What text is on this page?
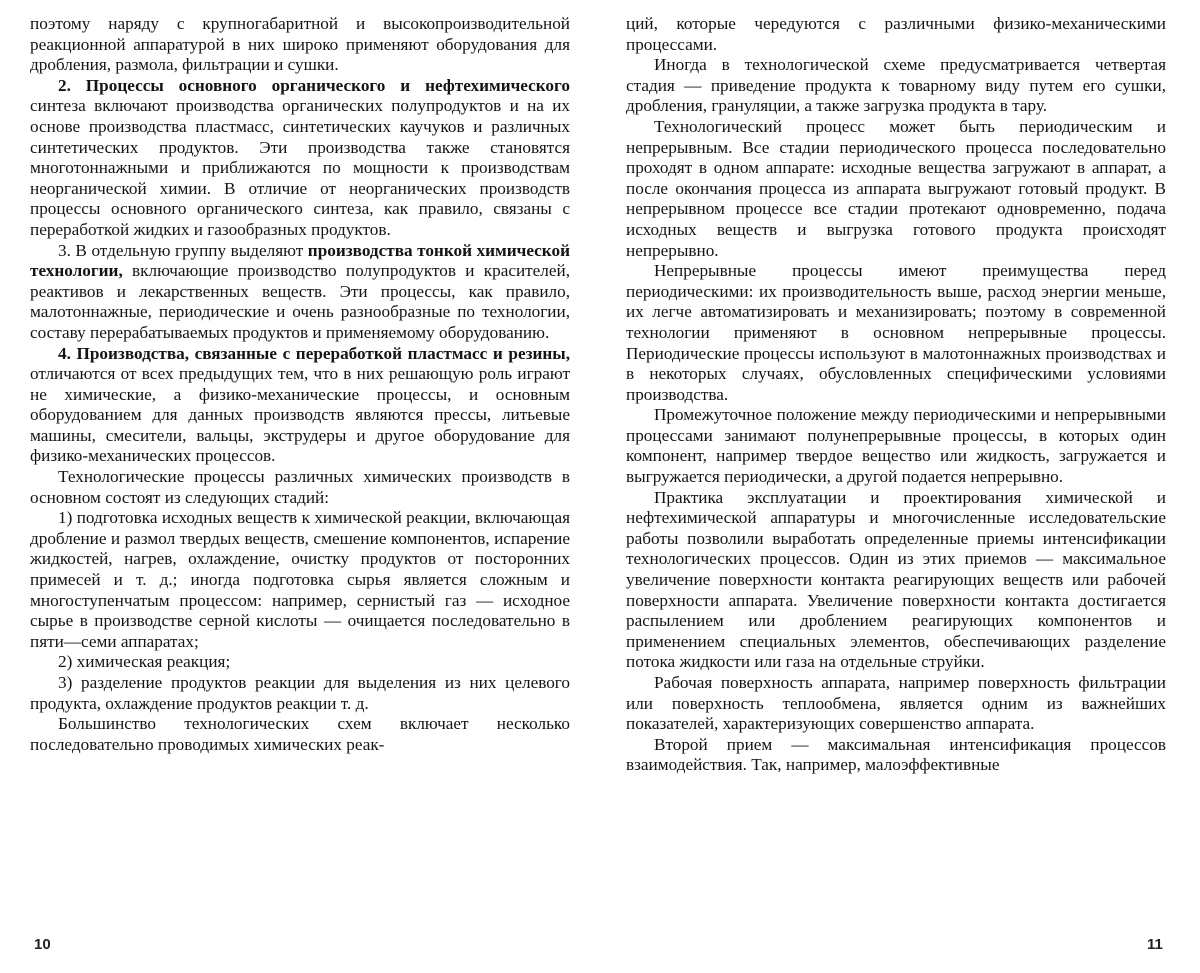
поэтому наряду с крупногабаритной и высокопроизводительной реакционной аппаратурой в них широко применяют оборудования для дробления, размола, фильтрации и сушки.

2. Процессы основного органического и нефтехимического синтеза включают производства органических полупродуктов и на их основе производства пластмасс, синтетических каучуков и различных синтетических продуктов. Эти производства также становятся многотоннажными и приближаются по мощности к производствам неорганической химии. В отличие от неорганических производств процессы основного органического синтеза, как правило, связаны с переработкой жидких и газообразных продуктов.

3. В отдельную группу выделяют производства тонкой химической технологии, включающие производство полупродуктов и красителей, реактивов и лекарственных веществ. Эти процессы, как правило, малотоннажные, периодические и очень разнообразные по технологии, составу перерабатываемых продуктов и применяемому оборудованию.

4. Производства, связанные с переработкой пластмасс и резины, отличаются от всех предыдущих тем, что в них решающую роль играют не химические, а физико-механические процессы, и основным оборудованием для данных производств являются прессы, литьевые машины, смесители, вальцы, экструдеры и другое оборудование для физико-механических процессов.

Технологические процессы различных химических производств в основном состоят из следующих стадий:

1) подготовка исходных веществ к химической реакции, включающая дробление и размол твердых веществ, смешение компонентов, испарение жидкостей, нагрев, охлаждение, очистку продуктов от посторонних примесей и т. д.; иногда подготовка сырья является сложным и многоступенчатым процессом: например, сернистый газ — исходное сырье в производстве серной кислоты — очищается последовательно в пяти—семи аппаратах;

2) химическая реакция;

3) разделение продуктов реакции для выделения из них целевого продукта, охлаждение продуктов реакции т. д.

Большинство технологических схем включает несколько последовательно проводимых химических реак-

ций, которые чередуются с различными физико-механическими процессами.

Иногда в технологической схеме предусматривается четвертая стадия — приведение продукта к товарному виду путем его сушки, дробления, грануляции, а также загрузка продукта в тару.

Технологический процесс может быть периодическим и непрерывным. Все стадии периодического процесса последовательно проходят в одном аппарате: исходные вещества загружают в аппарат, а после окончания процесса из аппарата выгружают готовый продукт. В непрерывном процессе все стадии протекают одновременно, подача исходных веществ и выгрузка готового продукта происходят непрерывно.

Непрерывные процессы имеют преимущества перед периодическими: их производительность выше, расход энергии меньше, их легче автоматизировать и механизировать; поэтому в современной технологии применяют в основном непрерывные процессы. Периодические процессы используют в малотоннажных производствах и в некоторых случаях, обусловленных специфическими условиями производства.

Промежуточное положение между периодическими и непрерывными процессами занимают полунепрерывные процессы, в которых один компонент, например твердое вещество или жидкость, загружается и выгружается периодически, а другой подается непрерывно.

Практика эксплуатации и проектирования химической и нефтехимической аппаратуры и многочисленные исследовательские работы позволили выработать определенные приемы интенсификации технологических процессов. Один из этих приемов — максимальное увеличение поверхности контакта реагирующих веществ или рабочей поверхности аппарата. Увеличение поверхности контакта достигается распылением или дроблением реагирующих компонентов и применением специальных элементов, обеспечивающих разделение потока жидкости или газа на отдельные струйки.

Рабочая поверхность аппарата, например поверхность фильтрации или поверхность теплообмена, является одним из важнейших показателей, характеризующих совершенство аппарата.

Второй прием — максимальная интенсификация процессов взаимодействия. Так, например, малоэффективные

10	11
